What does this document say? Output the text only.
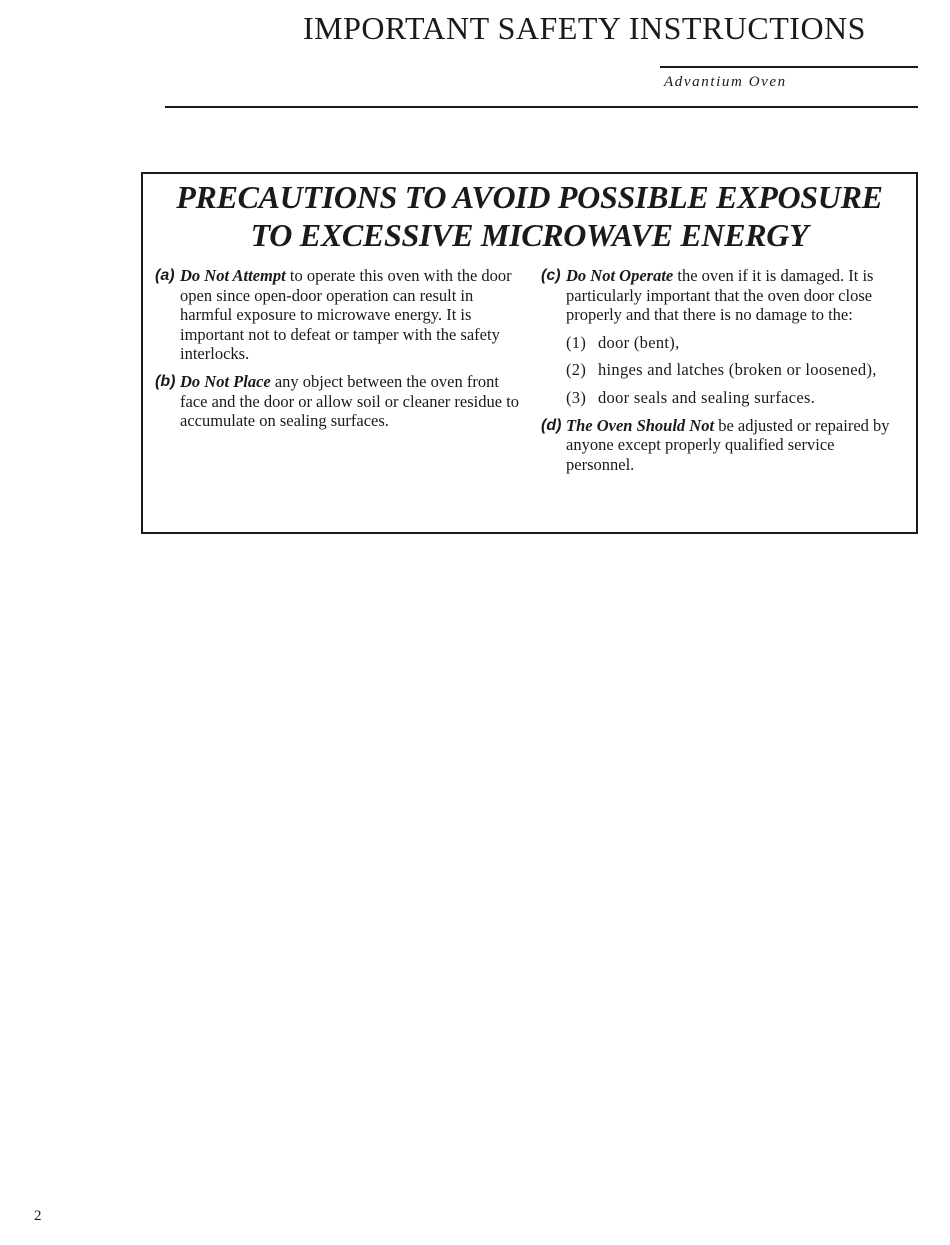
IMPORTANT SAFETY INSTRUCTIONS
Advantium Oven
PRECAUTIONS TO AVOID POSSIBLE EXPOSURE
TO EXCESSIVE MICROWAVE ENERGY
(a) Do Not Attempt to operate this oven with the door open since open-door operation can result in harmful exposure to microwave energy. It is important not to defeat or tamper with the safety interlocks.
(b) Do Not Place any object between the oven front face and the door or allow soil or cleaner residue to accumulate on sealing surfaces.
(c) Do Not Operate the oven if it is damaged. It is particularly important that the oven door close properly and that there is no damage to the:
(1) door (bent),
(2) hinges and latches (broken or loosened),
(3) door seals and sealing surfaces.
(d) The Oven Should Not be adjusted or repaired by anyone except properly qualified service personnel.
2
